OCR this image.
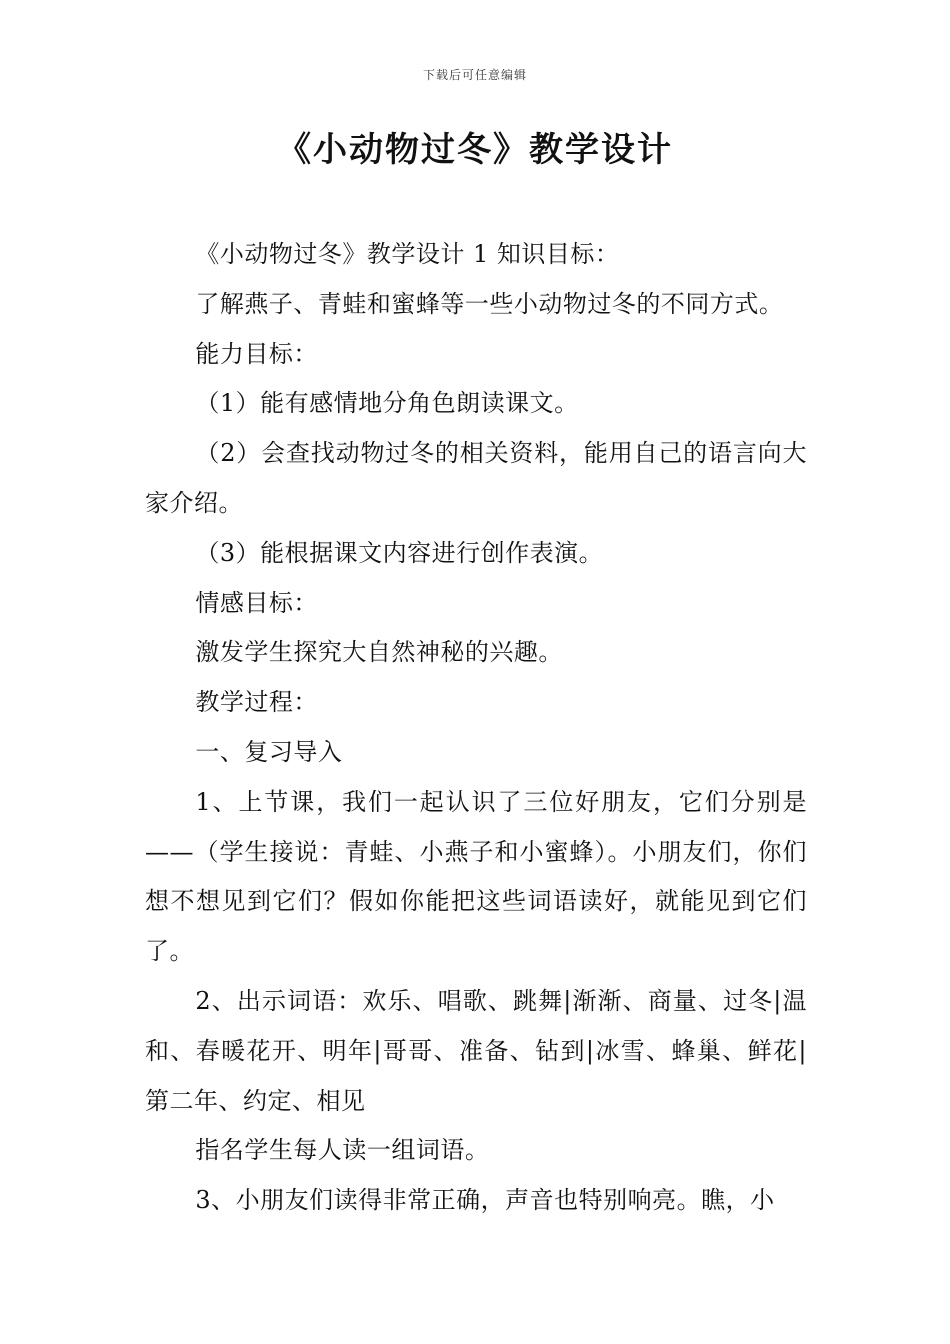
下载后可任意编辑
《小动物过冬》教学设计

《小动物过冬》教学设计 1 知识目标：

了解燕子、青蛙和蜜蜂等一些小动物过冬的不同方式。

能力目标：

（1）能有感情地分角色朗读课文。

（2）会查找动物过冬的相关资料，能用自己的语言向大家介绍。

（3）能根据课文内容进行创作表演。

情感目标：

激发学生探究大自然神秘的兴趣。

教学过程：

一、复习导入

1、上节课，我们一起认识了三位好朋友，它们分别是——（学生接说：青蛙、小燕子和小蜜蜂）。小朋友们，你们想不想见到它们？假如你能把这些词语读好，就能见到它们了。

2、出示词语：欢乐、唱歌、跳舞|渐渐、商量、过冬|温和、春暖花开、明年|哥哥、准备、钻到|冰雪、蜂巢、鲜花|第二年、约定、相见

指名学生每人读一组词语。

3、小朋友们读得非常正确，声音也特别响亮。瞧，小
